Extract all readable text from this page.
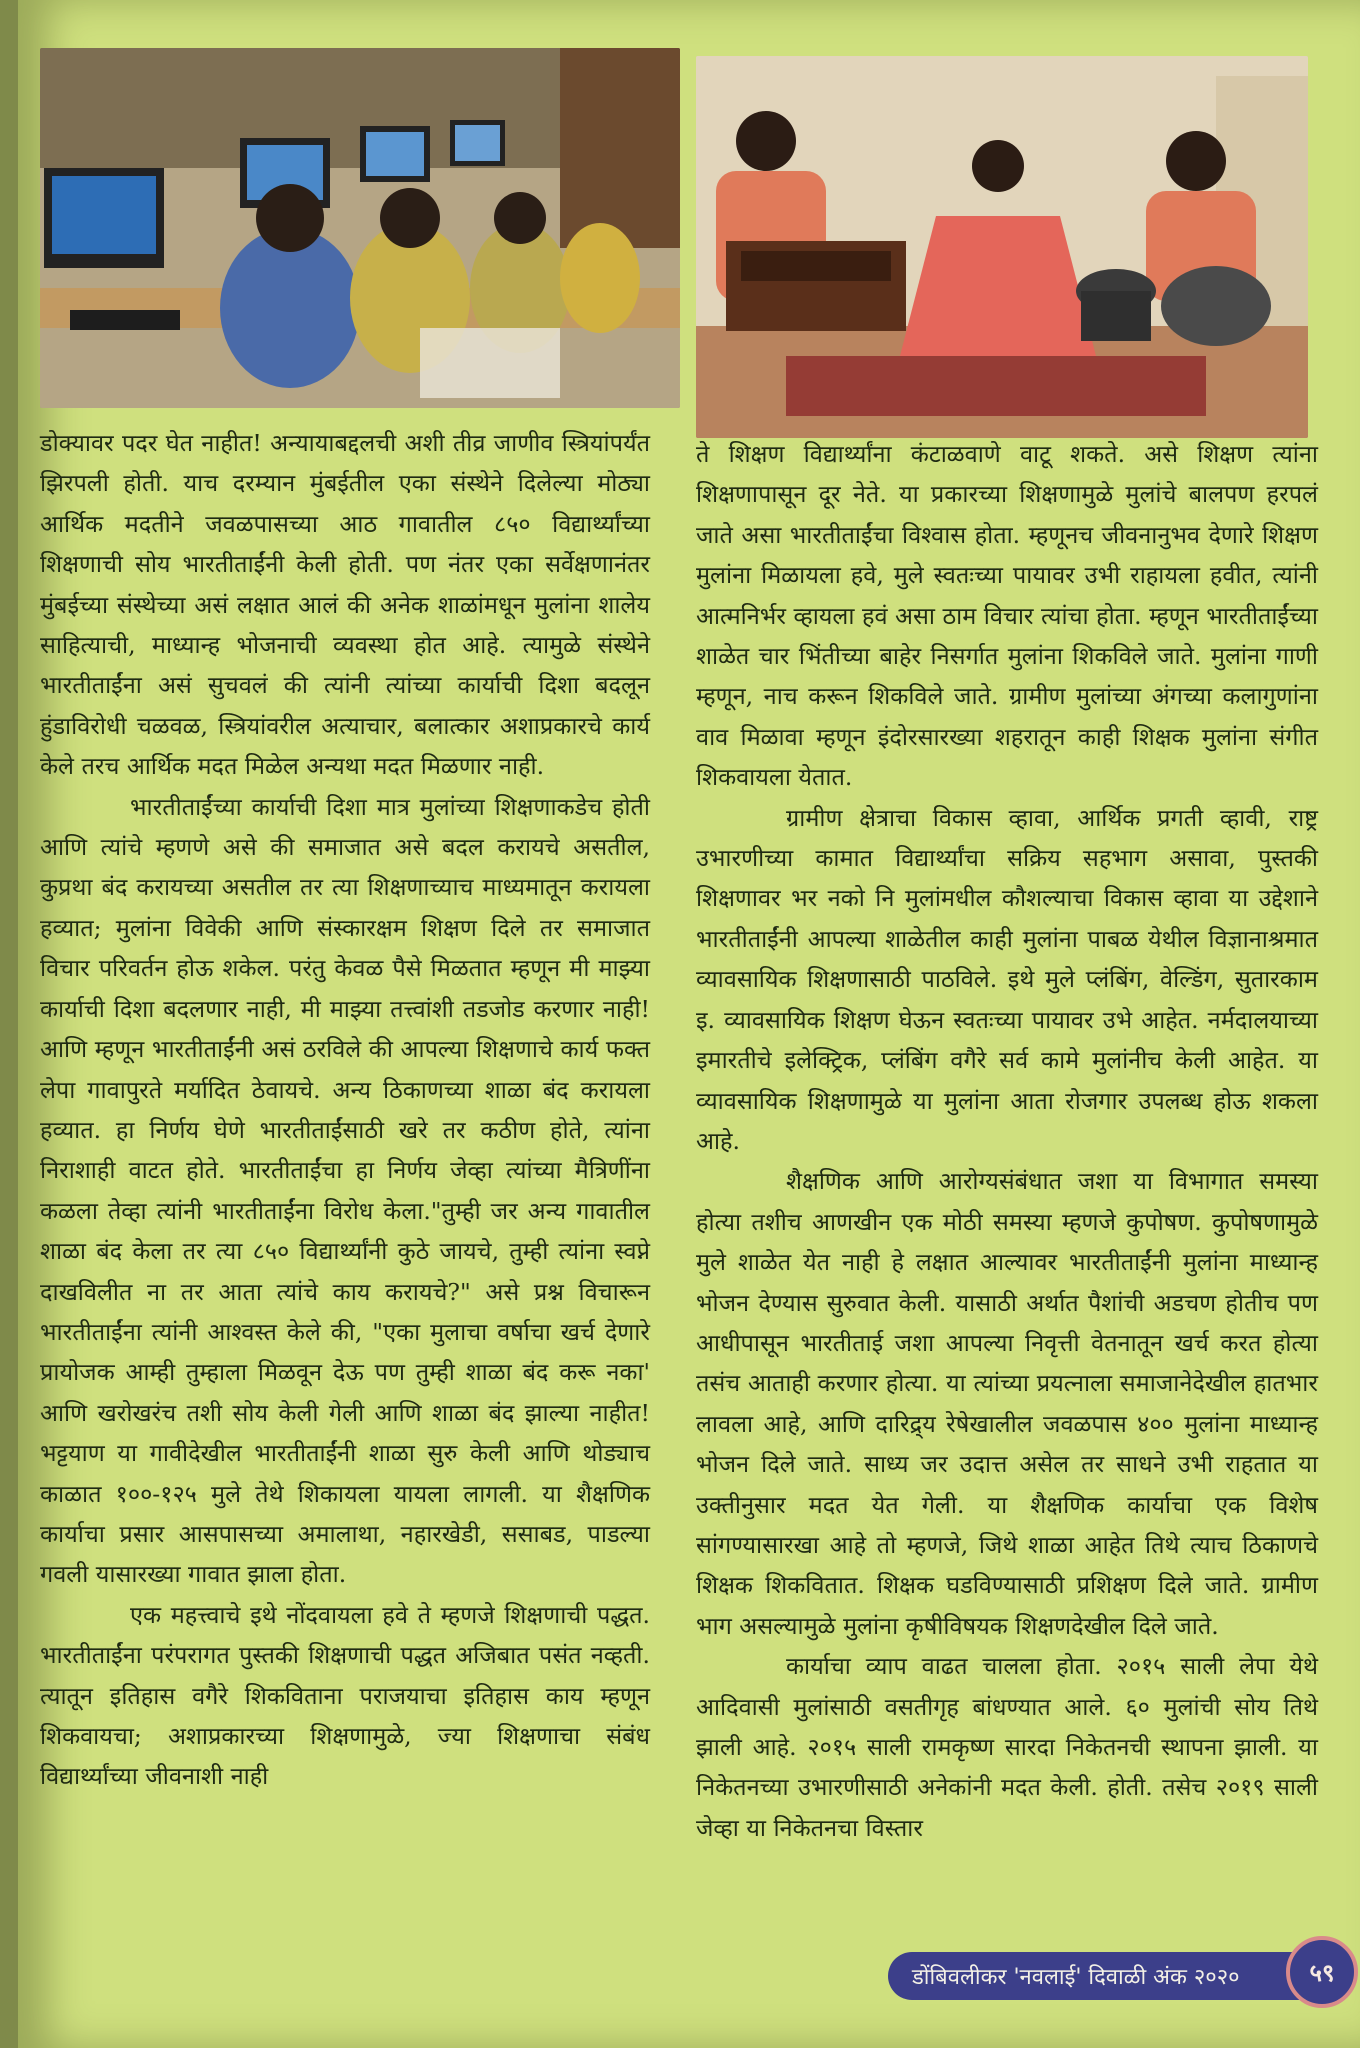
डोक्यावर पदर घेत नाहीत! अन्यायाबद्दलची अशी तीव्र जाणीव स्त्रियांपर्यंत झिरपली होती. याच दरम्यान मुंबईतील एका संस्थेने दिलेल्या मोठ्या आर्थिक मदतीने जवळपासच्या आठ गावातील ८५० विद्यार्थ्यांच्या शिक्षणाची सोय भारतीताईंनी केली होती. पण नंतर एका सर्वेक्षणानंतर मुंबईच्या संस्थेच्या असं लक्षात आलं की अनेक शाळांमधून मुलांना शालेय साहित्याची, माध्यान्ह भोजनाची व्यवस्था होत आहे. त्यामुळे संस्थेने भारतीताईंना असं सुचवलं की त्यांनी त्यांच्या कार्याची दिशा बदलून हुंडाविरोधी चळवळ, स्त्रियांवरील अत्याचार, बलात्कार अशाप्रकारचे कार्य केले तरच आर्थिक मदत मिळेल अन्यथा मदत मिळणार नाही.

भारतीताईंच्या कार्याची दिशा मात्र मुलांच्या शिक्षणाकडेच होती आणि त्यांचे म्हणणे असे की समाजात असे बदल करायचे असतील, कुप्रथा बंद करायच्या असतील तर त्या शिक्षणाच्याच माध्यमातून करायला हव्यात; मुलांना विवेकी आणि संस्कारक्षम शिक्षण दिले तर समाजात विचार परिवर्तन होऊ शकेल. परंतु केवळ पैसे मिळतात म्हणून मी माझ्या कार्याची दिशा बदलणार नाही, मी माझ्या तत्त्वांशी तडजोड करणार नाही! आणि म्हणून भारतीताईंनी असं ठरविले की आपल्या शिक्षणाचे कार्य फक्त लेपा गावापुरते मर्यादित ठेवायचे. अन्य ठिकाणच्या शाळा बंद करायला हव्यात. हा निर्णय घेणे भारतीताईंसाठी खरे तर कठीण होते, त्यांना निराशाही वाटत होते. भारतीताईंचा हा निर्णय जेव्हा त्यांच्या मैत्रिणींना कळला तेव्हा त्यांनी भारतीताईंना विरोध केला."तुम्ही जर अन्य गावातील शाळा बंद केला तर त्या ८५० विद्यार्थ्यांनी कुठे जायचे, तुम्ही त्यांना स्वप्ने दाखविलीत ना तर आता त्यांचे काय करायचे?" असे प्रश्न विचारून भारतीताईंना त्यांनी आश्वस्त केले की, "एका मुलाचा वर्षाचा खर्च देणारे प्रायोजक आम्ही तुम्हाला मिळवून देऊ पण तुम्ही शाळा बंद करू नका' आणि खरोखरंच तशी सोय केली गेली आणि शाळा बंद झाल्या नाहीत! भट्टयाण या गावीदेखील भारतीताईंनी शाळा सुरु केली आणि थोड्याच काळात १००-१२५ मुले तेथे शिकायला यायला लागली. या शैक्षणिक कार्याचा प्रसार आसपासच्या अमालाथा, नहारखेडी, ससाबड, पाडल्या गवली यासारख्या गावात झाला होता.

एक महत्त्वाचे इथे नोंदवायला हवे ते म्हणजे शिक्षणाची पद्धत. भारतीताईंना परंपरागत पुस्तकी शिक्षणाची पद्धत अजिबात पसंत नव्हती. त्यातून इतिहास वगैरे शिकविताना पराजयाचा इतिहास काय म्हणून शिकवायचा; अशाप्रकारच्या शिक्षणामुळे, ज्या शिक्षणाचा संबंध विद्यार्थ्यांच्या जीवनाशी नाही

ते शिक्षण विद्यार्थ्यांना कंटाळवाणे वाटू शकते. असे शिक्षण त्यांना शिक्षणापासून दूर नेते. या प्रकारच्या शिक्षणामुळे मुलांचे बालपण हरपलं जाते असा भारतीताईंचा विश्वास होता. म्हणूनच जीवनानुभव देणारे शिक्षण मुलांना मिळायला हवे, मुले स्वतःच्या पायावर उभी राहायला हवीत, त्यांनी आत्मनिर्भर व्हायला हवं असा ठाम विचार त्यांचा होता. म्हणून भारतीताईंच्या शाळेत चार भिंतीच्या बाहेर निसर्गात मुलांना शिकविले जाते. मुलांना गाणी म्हणून, नाच करून शिकविले जाते. ग्रामीण मुलांच्या अंगच्या कलागुणांना वाव मिळावा म्हणून इंदोरसारख्या शहरातून काही शिक्षक मुलांना संगीत शिकवायला येतात.

ग्रामीण क्षेत्राचा विकास व्हावा, आर्थिक प्रगती व्हावी, राष्ट्र उभारणीच्या कामात विद्यार्थ्यांचा सक्रिय सहभाग असावा, पुस्तकी शिक्षणावर भर नको नि मुलांमधील कौशल्याचा विकास व्हावा या उद्देशाने भारतीताईंनी आपल्या शाळेतील काही मुलांना पाबळ येथील विज्ञानाश्रमात व्यावसायिक शिक्षणासाठी पाठविले. इथे मुले प्लंबिंग, वेल्डिंग, सुतारकाम इ. व्यावसायिक शिक्षण घेऊन स्वतःच्या पायावर उभे आहेत. नर्मदालयाच्या इमारतीचे इलेक्ट्रिक, प्लंबिंग वगैरे सर्व कामे मुलांनीच केली आहेत. या व्यावसायिक शिक्षणामुळे या मुलांना आता रोजगार उपलब्ध होऊ शकला आहे.

शैक्षणिक आणि आरोग्यसंबंधात जशा या विभागात समस्या होत्या तशीच आणखीन एक मोठी समस्या म्हणजे कुपोषण. कुपोषणामुळे मुले शाळेत येत नाही हे लक्षात आल्यावर भारतीताईंनी मुलांना माध्यान्ह भोजन देण्यास सुरुवात केली. यासाठी अर्थात पैशांची अडचण होतीच पण आधीपासून भारतीताई जशा आपल्या निवृत्ती वेतनातून खर्च करत होत्या तसंच आताही करणार होत्या. या त्यांच्या प्रयत्नाला समाजानेदेखील हातभार लावला आहे, आणि दारिद्र्य रेषेखालील जवळपास ४०० मुलांना माध्यान्ह भोजन दिले जाते. साध्य जर उदात्त असेल तर साधने उभी राहतात या उक्तीनुसार मदत येत गेली. या शैक्षणिक कार्याचा एक विशेष सांगण्यासारखा आहे तो म्हणजे, जिथे शाळा आहेत तिथे त्याच ठिकाणचे शिक्षक शिकवितात. शिक्षक घडविण्यासाठी प्रशिक्षण दिले जाते. ग्रामीण भाग असल्यामुळे मुलांना कृषीविषयक शिक्षणदेखील दिले जाते.

कार्याचा व्याप वाढत चालला होता. २०१५ साली लेपा येथे आदिवासी मुलांसाठी वसतीगृह बांधण्यात आले. ६० मुलांची सोय तिथे झाली आहे. २०१५ साली रामकृष्ण सारदा निकेतनची स्थापना झाली. या निकेतनच्या उभारणीसाठी अनेकांनी मदत केली. होती. तसेच २०१९ साली जेव्हा या निकेतनचा विस्तार

डोंबिवलीकर 'नवलाई' दिवाळी अंक २०२०	५९
